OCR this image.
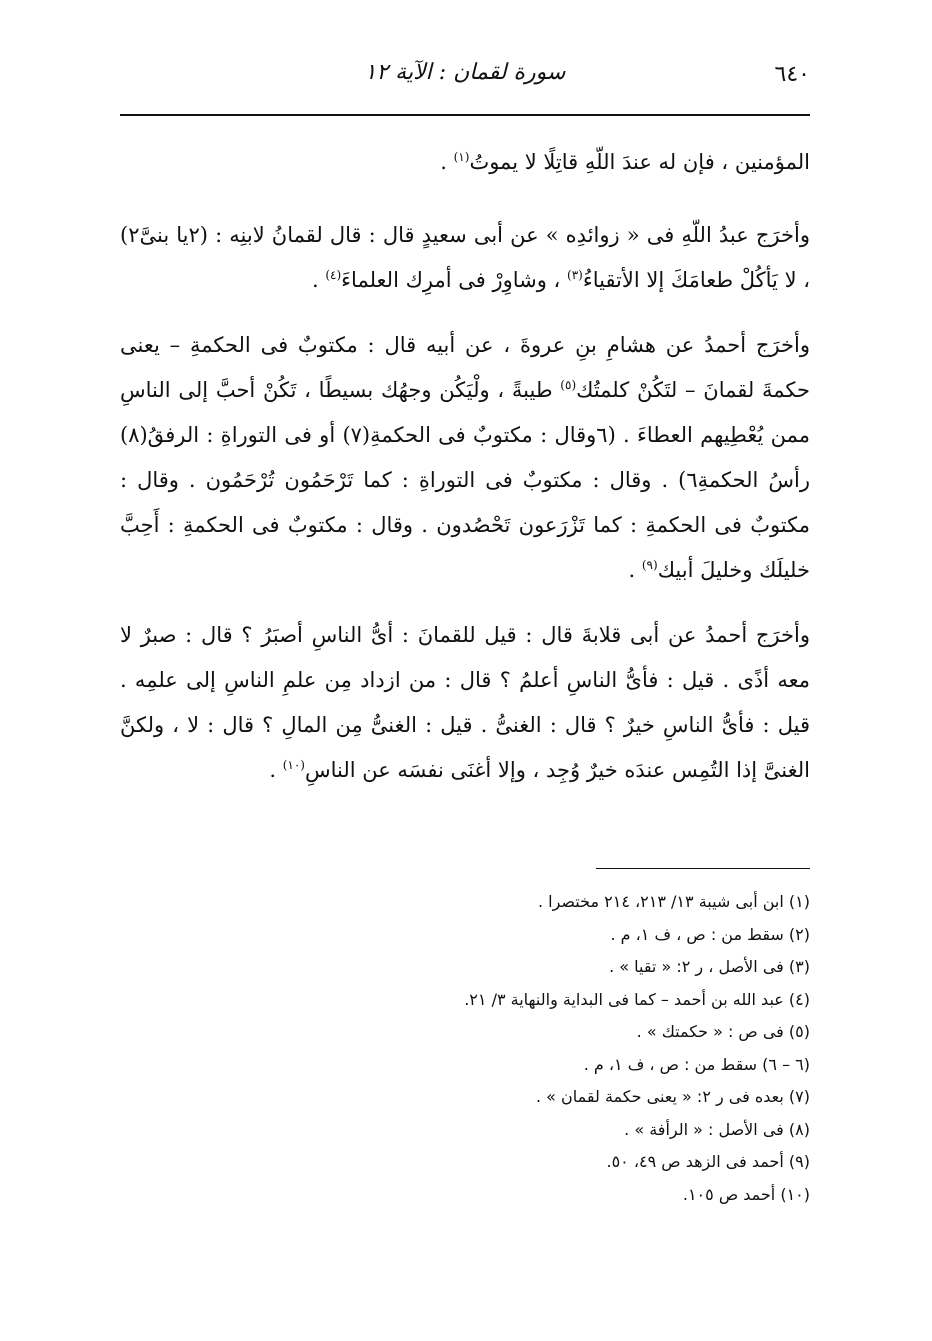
٦٤٠
سورة لقمان : الآية ١٢

المؤمنين ، فإن له عندَ اللّهِ قاتِلًا لا يموتُ$^{(١)}$ .

وأخرَج عبدُ اللّهِ فى « زوائدِه » عن أبى سعيدٍ قال : قال لقمانُ لابنِه : (٢يا بنىَّ٢) ، لا يَأكُلْ طعامَكَ إلا الأتقياءُ$^{(٣)}$ ، وشاوِرْ فى أمرِك العلماءَ$^{(٤)}$ .

وأخرَج أحمدُ عن هشامِ بنِ عروةَ ، عن أبيه قال : مكتوبٌ فى الحكمةِ – يعنى حكمةَ لقمانَ – لتَكُنْ كلمتُك$^{(٥)}$ طيبةً ، ولْيَكُن وجهُك بسيطًا ، تَكُنْ أحبَّ إلى الناسِ ممن يُعْطِيهم العطاءَ . (٦وقال : مكتوبٌ فى الحكمةِ(٧) أو فى التوراةِ : الرفقُ(٨) رأسُ الحكمةِ٦) . وقال : مكتوبٌ فى التوراةِ : كما تَرْحَمُون تُرْحَمُون . وقال : مكتوبٌ فى الحكمةِ : كما تَزْرَعون تَحْصُدون . وقال : مكتوبٌ فى الحكمةِ : أَحِبَّ خليلَك وخليلَ أبيك$^{(٩)}$ .

وأخرَج أحمدُ عن أبى قلابةَ قال : قيل للقمانَ : أىُّ الناسِ أصبَرُ ؟ قال : صبرٌ لا معه أذًى . قيل : فأىُّ الناسِ أعلمُ ؟ قال : من ازداد مِن علمِ الناسِ إلى علمِه . قيل : فأىُّ الناسِ خيرٌ ؟ قال : الغنىُّ . قيل : الغنىُّ مِن المالِ ؟ قال : لا ، ولكنَّ الغنىَّ إذا التُمِس عندَه خيرٌ وُجِد ، وإلا أغنَى نفسَه عن الناسِ$^{(١٠)}$ .

(١) ابن أبى شيبة ١٣/ ٢١٣، ٢١٤ مختصرا .
(٢) سقط من : ص ، ف ١، م .
(٣) فى الأصل ، ر ٢: « تقيا » .
(٤) عبد الله بن أحمد – كما فى البداية والنهاية ٣/ ٢١.
(٥) فى ص : « حكمتك » .
(٦ – ٦) سقط من : ص ، ف ١، م .
(٧) بعده فى ر ٢: « يعنى حكمة لقمان » .
(٨) فى الأصل : « الرأفة » .
(٩) أحمد فى الزهد ص ٤٩، ٥٠.
(١٠) أحمد ص ١٠٥.
